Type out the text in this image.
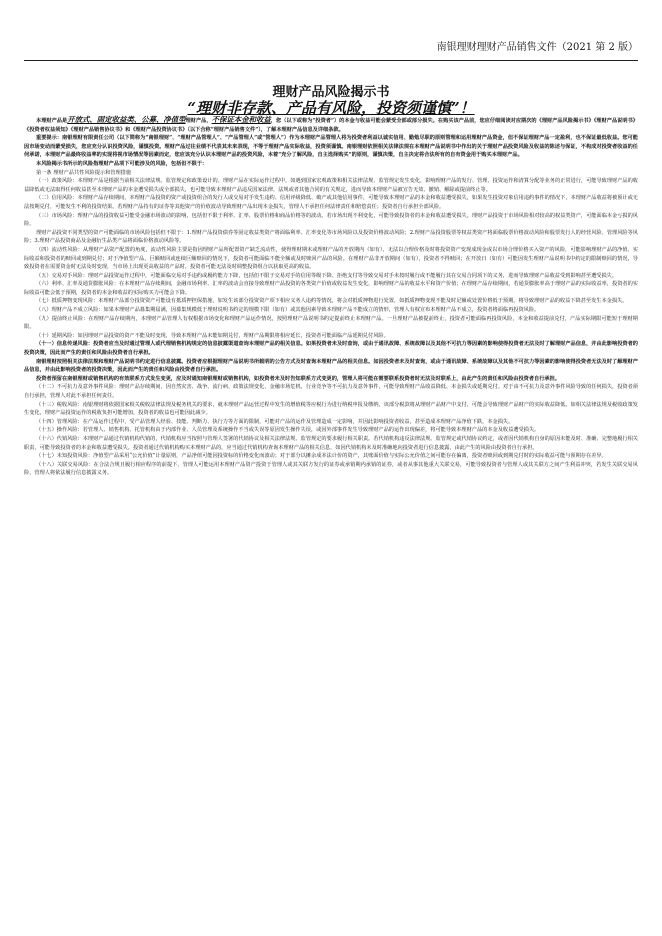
南银理财理财产品销售文件（2021 第 2 版）
理财产品风险揭示书
“理财非存款、产品有风险，投资须谨慎”！

本理财产品是开放式、固定收益类、公募、净值型理财产品，不保证本金和收益，您（以下或称为“投资者”）的本金与收益可能会蒙受全部或部分损失。在购买该产品前，您应仔细阅读对应期次的《理财产品风险揭示书》《理财产品说明书》《投资者权益须知》《理财产品销售协议书》和《理财产品投资协议书》（以下合称“理财产品销售文件”），了解本理财产品信息及详细条款。

重要提示：南银理财有限责任公司（以下简称为“南银理财”、“理财产品管理人”、“产品管理人”或“管理人”）作为本理财产品管理人将为投资者利益以诚实信用、勤勉尽职的原则管理和运用理财产品资金，但不保证理财产品一定盈利，也不保证最低收益。您可能因市场变动而蒙受损失，您应充分认识投资风险，谨慎投资。理财产品过往业绩不代表其未来表现，不等于理财产品实际收益，投资须谨慎。南银理财依照相关法律法规在本理财产品说明书中作出的关于理财产品投资风险及收益的陈述与保证，不构成对投资者收益的任何承诺，本理财产品最终收益率的实现将视市场情况等因素而定，您应该充分认识本理财产品的投资风险，本着“充分了解风险，自主选择购买”的原则，谨慎决策，自主决定将合法所有的自有资金用于购买本理财产品。

本风险揭示书所示的风险指理财产品项下可能涉及的风险，包括但不限于：

第一条 理财产品共性风险提示和管理措施

（一）政策风险：本理财产品是根据当前相关法律法规、监管规定和政策设计的。理财产品在实际运作过程中，如遇到国家宏观政策和相关法律法规、监管规定发生变化，影响理财产品的发行、管理、投资运作和清算分配等业务的正常进行，可能导致理财产品的收益降低或无法取得任何收益甚至本理财产品的本金遭受损失或全部损失，也可能导致本理财产品违反国家法律、法规或者其他合同的有关规定，进而导致本理财产品被宣告无效、撤销、解除或提前终止等。

（二）信用风险：本理财产品存续期间，本理财产品投资的资产或投资组合的发行人或交易对手发生违约、信用评级降低、破产或其他信用事件，可能导致本理财产品的本金和收益遭受损失，如果发生投资对象信用违约事件的情况下，本理财产品收益将被预计或无法按期兑付，可能发生不利的投资结果。若理财产品持有的证券等其他资产的价值波动导致理财产品出现本金损失，管理人不承担任何法律责任和赔偿责任；投资者自行承担全部风险。

（三）市场风险：理财产品的投资收益可能受金融市场波动的影响，包括但不限于利率、汇率、股票价格和商品价格等的波动。若市场出现不利变化，可能导致投资者的本金和收益遭受损失。理财产品投资于市场风险相对较高的权益类资产，可能面临本金亏损的风险。

理财产品投资不同类型的资产可能面临的市场风险包括但不限于：1.理财产品投资债券等固定收益类资产将面临利率、汇率变化等市场风险以及投资价格波动风险；2.理财产品投资股票等权益类资产将面临股票价格波动风险和股票发行人的经营风险、管理风险等风险；3.理财产品投资商品及金融衍生品类产品将面临价格波动风险等。

（四）流动性风险：从理财产品资产配置的角度，流动性风险主要是指因理财产品所配置资产缺乏流动性，使得理财期末或理财产品的开放期内（如有），无法以合理价格及时将投资资产变现成现金或以市场合理价格买入资产的风险，可能影响理财产品的净值、实际收益和投资者的赎回或到期兑付；对于净值型产品，巨额赎回或连续巨额赎回的情况下，投资者可能面临不能全额或及时赎回产品的风险。在理财产品非开放期间（如有），投资者不得赎回；在开放日（如有）可能因发生理财产品说明书中约定的限制赎回的情况，导致投资者在需要资金时无法及时变现，当市场上出现更高收益的产品时，投资者可能无法及时调整投资组合以获取更高的收益。

（五）交易对手风险：理财产品投资运作过程中，可能面临交易对手违约或履约能力下降，包括但不限于交易对手的信用等级下降、拒绝支付等导致交易对手未按时履行或不能履行其在交易合同项下的义务，进而导致理财产品收益受到影响甚至遭受损失。

（六）利率、汇率及通货膨胀风险：在本理财产品存续期间，金融市场利率、汇率的波动会直接导致理财产品投资的各类资产价值或收益发生变化，影响理财产品的收益水平和资产价值；在理财产品存续期间，若通货膨胀率高于理财产品的实际收益率，投资者的实际收益可能会低于预期，投资者的本金和收益的实际购买力可能会下降。

（七）抵质押物变现风险：本理财产品部分投资资产可能设有抵质押担保措施，如发生该部分投资资产项下相应义务人违约等情况，将会对抵质押物进行处置，如抵质押物变现不能及时足额或处置价格低于预期，将导致理财产品的收益下降甚至发生本金损失。

（八）理财产品不成立风险：如果本理财产品募集期届满，因募集规模低于理财说明书约定的规模下限（如有）或其他因素导致本理财产品不能成立的情形，管理人有权宣布本理财产品不成立，投资者将面临再投资风险。

（九）提前终止风险：在理财产品存续期内，本理财产品管理人有权根据市场变化和理财产品运作情况，按照理财产品说明书约定提前终止本理财产品。一旦理财产品被提前终止，投资者可能面临再投资风险，本金和收益提前兑付，产品实际期限可能短于理财期限。

（十）延期风险：如因理财产品投资的资产不能及时变现，导致本理财产品未能如期兑付，理财产品期限将相应延长，投资者可能面临产品延期兑付风险。

（十一）信息传递风险：投资者应当及时通过管理人或代理销售机构规定的信息披露渠道查询本理财产品的相关信息。如果投资者未及时查询，或由于通讯故障、系统故障以及其他不可抗力等因素的影响使得投资者无法及时了解理财产品信息，并由此影响投资者的投资决策，因此而产生的责任和风险由投资者自行承担。

南银理财按照相关法律法规和理财产品说明书约定进行信息披露。投资者应根据理财产品说明书所载明的公告方式及时查询本理财产品的相关信息。如因投资者未及时查询，或由于通讯故障、系统故障以及其他不可抗力等因素的影响使得投资者无法及时了解理财产品信息，并由此影响投资者的投资决策，因此而产生的责任和风险由投资者自行承担。

投资者预留在南银理财或销售机构的有效联系方式发生变更，应及时通知南银理财或销售机构，如投资者未及时告知联系方式变更的，管理人将可能在需要联系投资者时无法及时联系上，由此产生的责任和风险由投资者自行承担。

（十二）不可抗力及意外事件风险：理财产品存续期间，因自然灾害、战争、流行病、政策法规变化、金融市场危机、行业竞争等不可抗力及意外事件，可能导致理财产品收益降低、本金损失或延期兑付。对于由不可抗力及意外事件风险导致的任何损失，投资者须自行承担，管理人对此不承担任何责任。

（十三）税收风险：南银理财将依据国家相关税收法律法规及税务机关的要求，就本理财产品运营过程中发生的增值税等应税行为进行纳税申报及缴纳，该部分税款将从理财产品财产中支付，可能会导致理财产品财产的实际收益降低。如相关法律法规及税收政策发生变化，理财产品投资运作的税收负担可能增加，投资者的收益也可能因此减少。

（十四）管理风险：在产品运作过程中，受产品管理人经验、技能、判断力、执行力等方面的限制，可能对产品的运作及管理造成一定影响，并因此影响投资者收益，甚至造成本理财产品净值下跌，本金损失。

（十五）操作风险：若管理人、销售机构、托管机构由于内部作业、人员管理及系统操作不当或失误等原因发生操作失误，或因外部事件发生导致理财产品的运作出现偏差，将可能导致本理财产品的本金及收益遭受损失。

（十六）代销风险：本理财产品通过代销机构代销的，代销机构应当按照与管理人签署的代销协议及相关法律法规、监管规定的要求履行相关职责。若代销机构违反法律法规、监管规定或代销协议约定，或者因代销机构自身的原因未能及时、准确、完整地履行相关职责，可能导致投资者的本金和收益遭受损失。投资者通过代销机构购买本理财产品的，应当通过代销机构查询本理财产品的相关信息，如因代销机构未及时准确地向投资者进行信息披露，由此产生的风险由投资者自行承担。

（十七）未知投资风险：净值型产品采用“公允价值”计量原则，产品净值可能因投资标的价格变化而波动；对于部分以摊余成本法计价的资产，其账面价值与实际公允价值之间可能存在偏离，投资者赎回或到期兑付时的实际收益可能与预期存在差异。

（十八）关联交易风险：在合法合规且履行相应程序的前提下，管理人可能运用本理财产品资产投资于管理人或其关联方发行的证券或承销期内承销的证券，或者从事其他重大关联交易，可能导致投资者与管理人或其关联方之间产生利益冲突，若发生关联交易风险，管理人将依法履行信息披露义务。
